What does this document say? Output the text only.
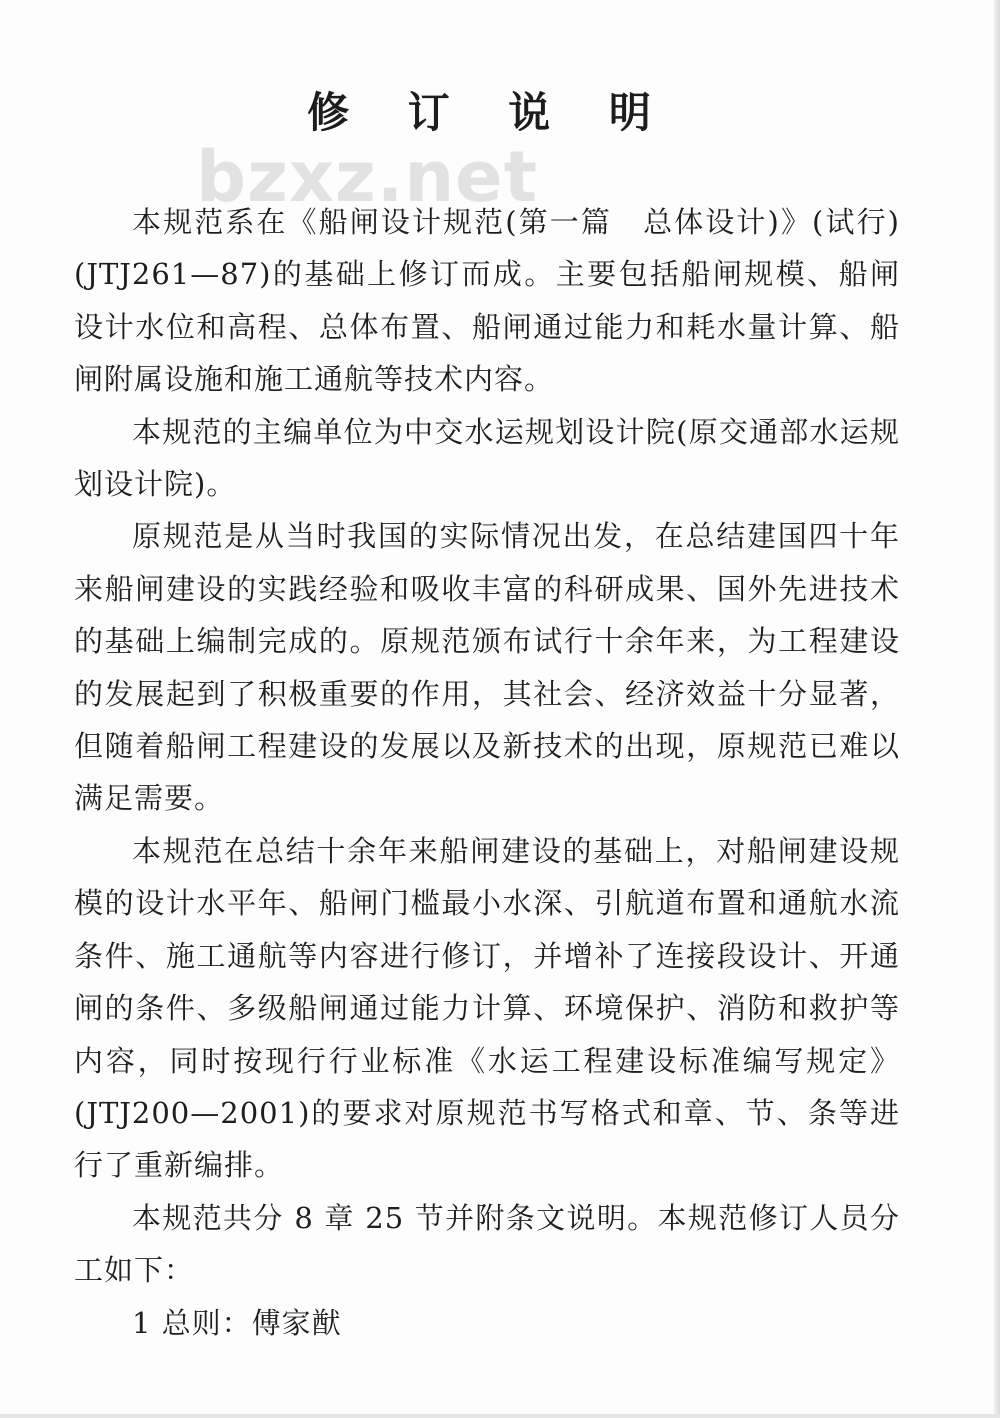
修 订 说 明
bzxz.net

本规范系在《船闸设计规范(第一篇　总体设计)》(试行)(JTJ261—87)的基础上修订而成。主要包括船闸规模、船闸设计水位和高程、总体布置、船闸通过能力和耗水量计算、船闸附属设施和施工通航等技术内容。

本规范的主编单位为中交水运规划设计院(原交通部水运规划设计院)。

原规范是从当时我国的实际情况出发，在总结建国四十年来船闸建设的实践经验和吸收丰富的科研成果、国外先进技术的基础上编制完成的。原规范颁布试行十余年来，为工程建设的发展起到了积极重要的作用，其社会、经济效益十分显著，但随着船闸工程建设的发展以及新技术的出现，原规范已难以满足需要。

本规范在总结十余年来船闸建设的基础上，对船闸建设规模的设计水平年、船闸门槛最小水深、引航道布置和通航水流条件、施工通航等内容进行修订，并增补了连接段设计、开通闸的条件、多级船闸通过能力计算、环境保护、消防和救护等内容，同时按现行行业标准《水运工程建设标准编写规定》(JTJ200—2001)的要求对原规范书写格式和章、节、条等进行了重新编排。

本规范共分 8 章 25 节并附条文说明。本规范修订人员分工如下：

1 总则：傅家猷
